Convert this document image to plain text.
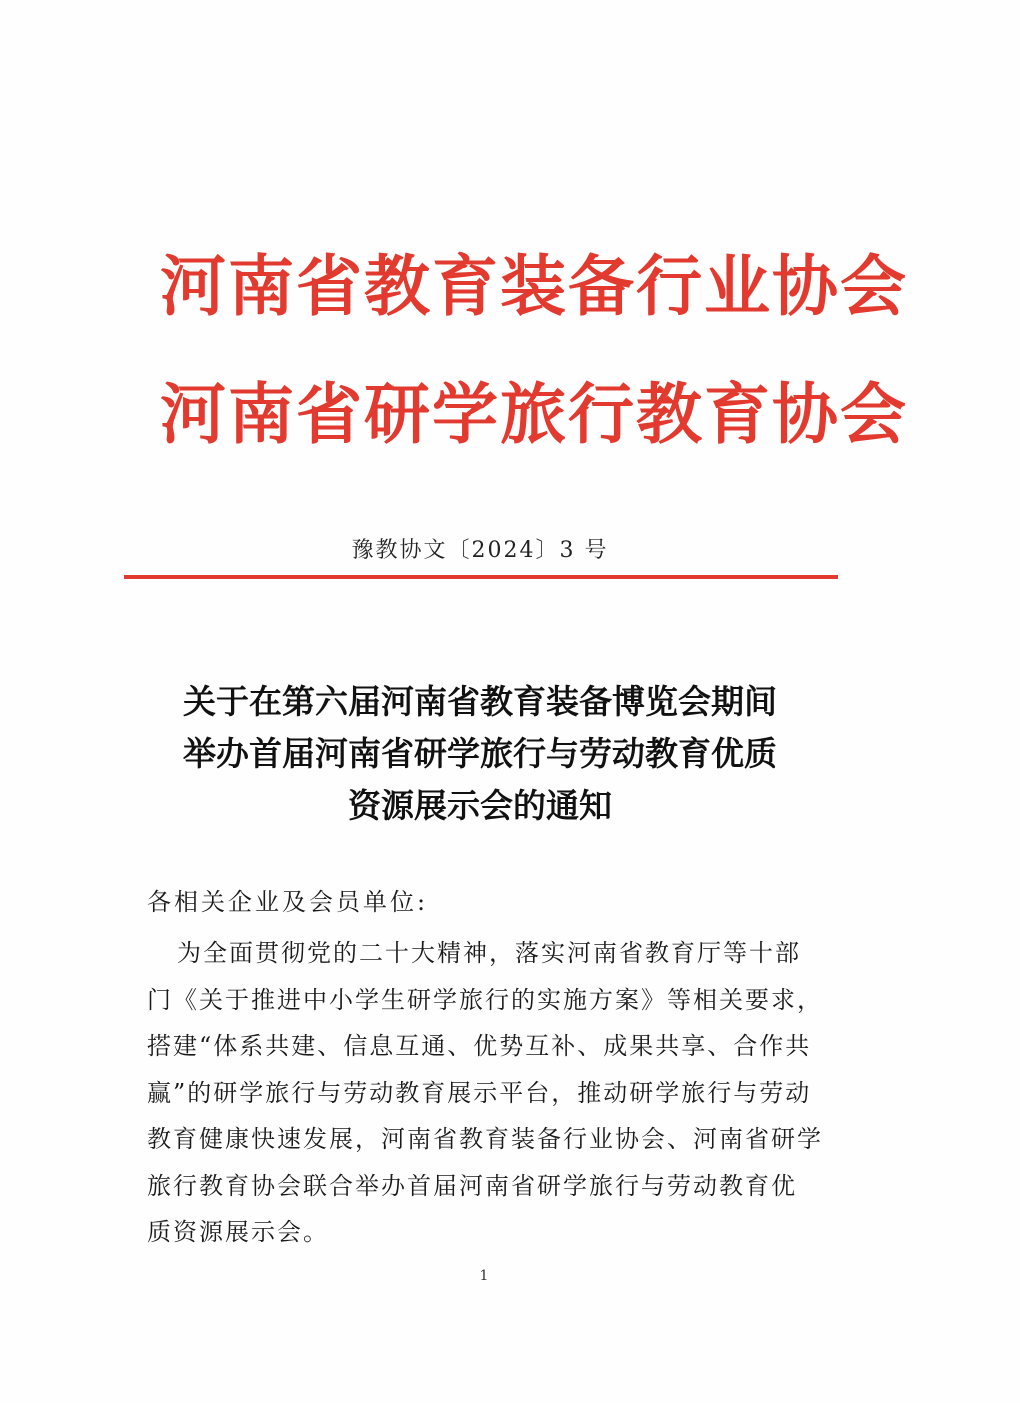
河南省教育装备行业协会
河南省研学旅行教育协会
豫教协文〔2024〕3 号
关于在第六届河南省教育装备博览会期间
举办首届河南省研学旅行与劳动教育优质
资源展示会的通知
各相关企业及会员单位:
为全面贯彻党的二十大精神，落实河南省教育厅等十部
门《关于推进中小学生研学旅行的实施方案》等相关要求，
搭建“体系共建、信息互通、优势互补、成果共享、合作共
赢”的研学旅行与劳动教育展示平台，推动研学旅行与劳动
教育健康快速发展，河南省教育装备行业协会、河南省研学
旅行教育协会联合举办首届河南省研学旅行与劳动教育优
质资源展示会。
1
